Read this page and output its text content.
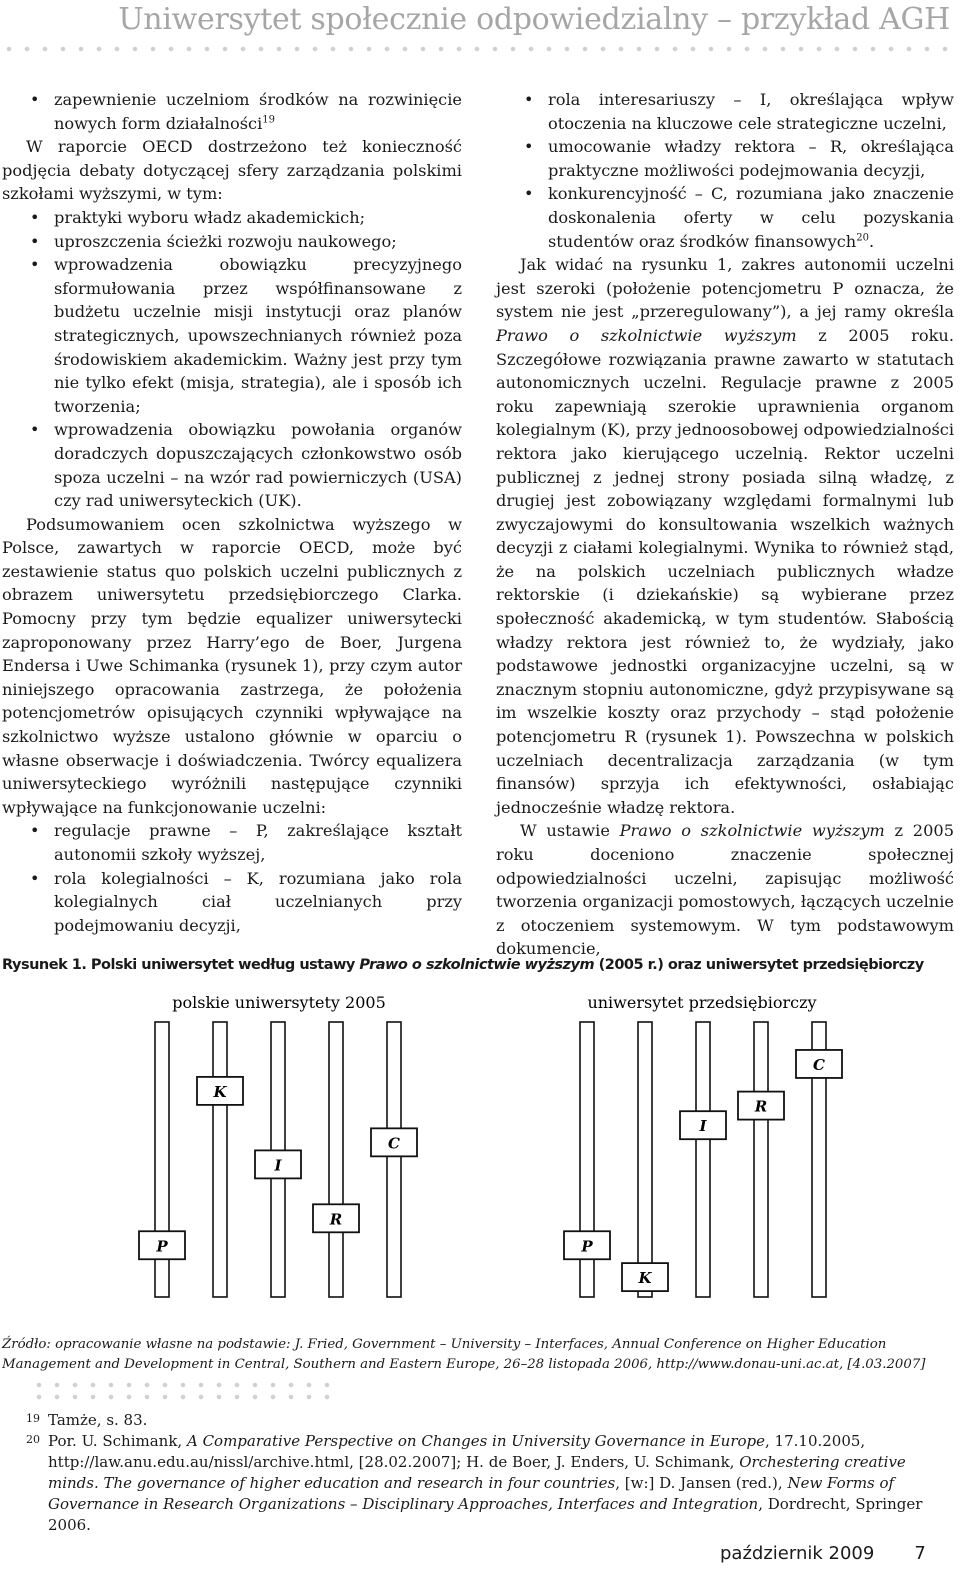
Uniwersytet społecznie odpowiedzialny – przykład AGH
• zapewnienie uczelniom środków na rozwinięcie nowych form działalności$^{19}$

W raporcie OECD dostrzeżono też konieczność podjęcia debaty dotyczącej sfery zarządzania polskimi szkołami wyższymi, w tym:

• praktyki wyboru władz akademickich;
• uproszczenia ścieżki rozwoju naukowego;
• wprowadzenia obowiązku precyzyjnego sformułowania przez współfinansowane z budżetu uczelnie misji instytucji oraz planów strategicznych, upowszechnianych również poza środowiskiem akademickim. Ważny jest przy tym nie tylko efekt (misja, strategia), ale i sposób ich tworzenia;
• wprowadzenia obowiązku powołania organów doradczych dopuszczających członkowstwo osób spoza uczelni – na wzór rad powierniczych (USA) czy rad uniwersyteckich (UK).

Podsumowaniem ocen szkolnictwa wyższego w Polsce, zawartych w raporcie OECD, może być zestawienie status quo polskich uczelni publicznych z obrazem uniwersytetu przedsiębiorczego Clarka. Pomocny przy tym będzie equalizer uniwersytecki zaproponowany przez Harry’ego de Boer, Jurgena Endersa i Uwe Schimanka (rysunek 1), przy czym autor niniejszego opracowania zastrzega, że położenia potencjometrów opisujących czynniki wpływające na szkolnictwo wyższe ustalono głównie w oparciu o własne obserwacje i doświadczenia. Twórcy equalizera uniwersyteckiego wyróżnili następujące czynniki wpływające na funkcjonowanie uczelni:

• regulacje prawne – P, zakreślające kształt autonomii szkoły wyższej,
• rola kolegialności – K, rozumiana jako rola kolegialnych ciał uczelnianych przy podejmowaniu decyzji,
• rola interesariuszy – I, określająca wpływ otoczenia na kluczowe cele strategiczne uczelni,
• umocowanie władzy rektora – R, określająca praktyczne możliwości podejmowania decyzji,
• konkurencyjność – C, rozumiana jako znaczenie doskonalenia oferty w celu pozyskania studentów oraz środków finansowych$^{20}$.

Jak widać na rysunku 1, zakres autonomii uczelni jest szeroki (położenie potencjometru P oznacza, że system nie jest „przeregulowany”), a jej ramy określa Prawo o szkolnictwie wyższym z 2005 roku. Szczegółowe rozwiązania prawne zawarto w statutach autonomicznych uczelni. Regulacje prawne z 2005 roku zapewniają szerokie uprawnienia organom kolegialnym (K), przy jednoosobowej odpowiedzialności rektora jako kierującego uczelnią. Rektor uczelni publicznej z jednej strony posiada silną władzę, z drugiej jest zobowiązany względami formalnymi lub zwyczajowymi do konsultowania wszelkich ważnych decyzji z ciałami kolegialnymi. Wynika to również stąd, że na polskich uczelniach publicznych władze rektorskie (i dziekańskie) są wybierane przez społeczność akademicką, w tym studentów. Słabością władzy rektora jest również to, że wydziały, jako podstawowe jednostki organizacyjne uczelni, są w znacznym stopniu autonomiczne, gdyż przypisywane są im wszelkie koszty oraz przychody – stąd położenie potencjometru R (rysunek 1). Powszechna w polskich uczelniach decentralizacja zarządzania (w tym finansów) sprzyja ich efektywności, osłabiając jednocześnie władzę rektora.

W ustawie Prawo o szkolnictwie wyższym z 2005 roku doceniono znaczenie społecznej odpowiedzialności uczelni, zapisując możliwość tworzenia organizacji pomostowych, łączących uczelnie z otoczeniem systemowym. W tym podstawowym dokumencie,

Rysunek 1. Polski uniwersytet według ustawy Prawo o szkolnictwie wyższym (2005 r.) oraz uniwersytet przedsiębiorczy
polskie uniwersytety 2005	uniwersytet przedsiębiorczy
P
K
I
R
C
P
K
I
R
C
Źródło: opracowanie własne na podstawie: J. Fried, Government – University – Interfaces, Annual Conference on Higher Education Management and Development in Central, Southern and Eastern Europe, 26–28 listopada 2006, http://www.donau-uni.ac.at, [4.03.2007]
19 Tamże, s. 83.
20 Por. U. Schimank, A Comparative Perspective on Changes in University Governance in Europe, 17.10.2005, http://law.anu.edu.au/nissl/archive.html, [28.02.2007]; H. de Boer, J. Enders, U. Schimank, Orchestering creative minds. The governance of higher education and research in four countries, [w:] D. Jansen (red.), New Forms of Governance in Research Organizations – Disciplinary Approaches, Interfaces and Integration, Dordrecht, Springer 2006.
październik 2009 7
